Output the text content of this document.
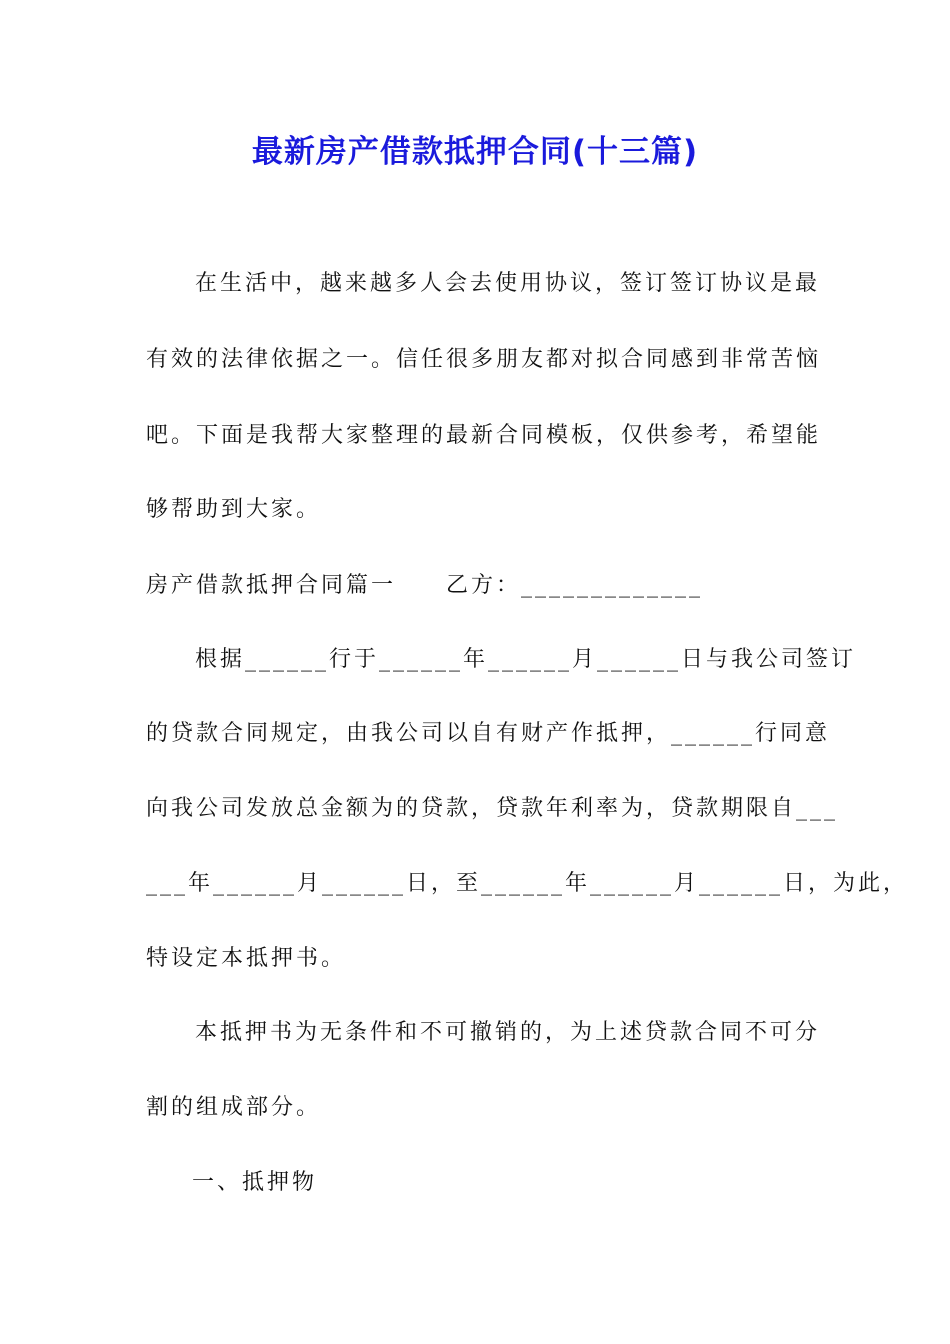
最新房产借款抵押合同(十三篇)
在生活中，越来越多人会去使用协议，签订签订协议是最
有效的法律依据之一。信任很多朋友都对拟合同感到非常苦恼
吧。下面是我帮大家整理的最新合同模板，仅供参考，希望能
够帮助到大家。
房产借款抵押合同篇一　　乙方：_____________
根据______行于______年______月______日与我公司签订
的贷款合同规定，由我公司以自有财产作抵押，______行同意
向我公司发放总金额为的贷款，贷款年利率为，贷款期限自___
___年______月______日，至______年______月______日，为此，
特设定本抵押书。
本抵押书为无条件和不可撤销的，为上述贷款合同不可分
割的组成部分。
一、抵押物
